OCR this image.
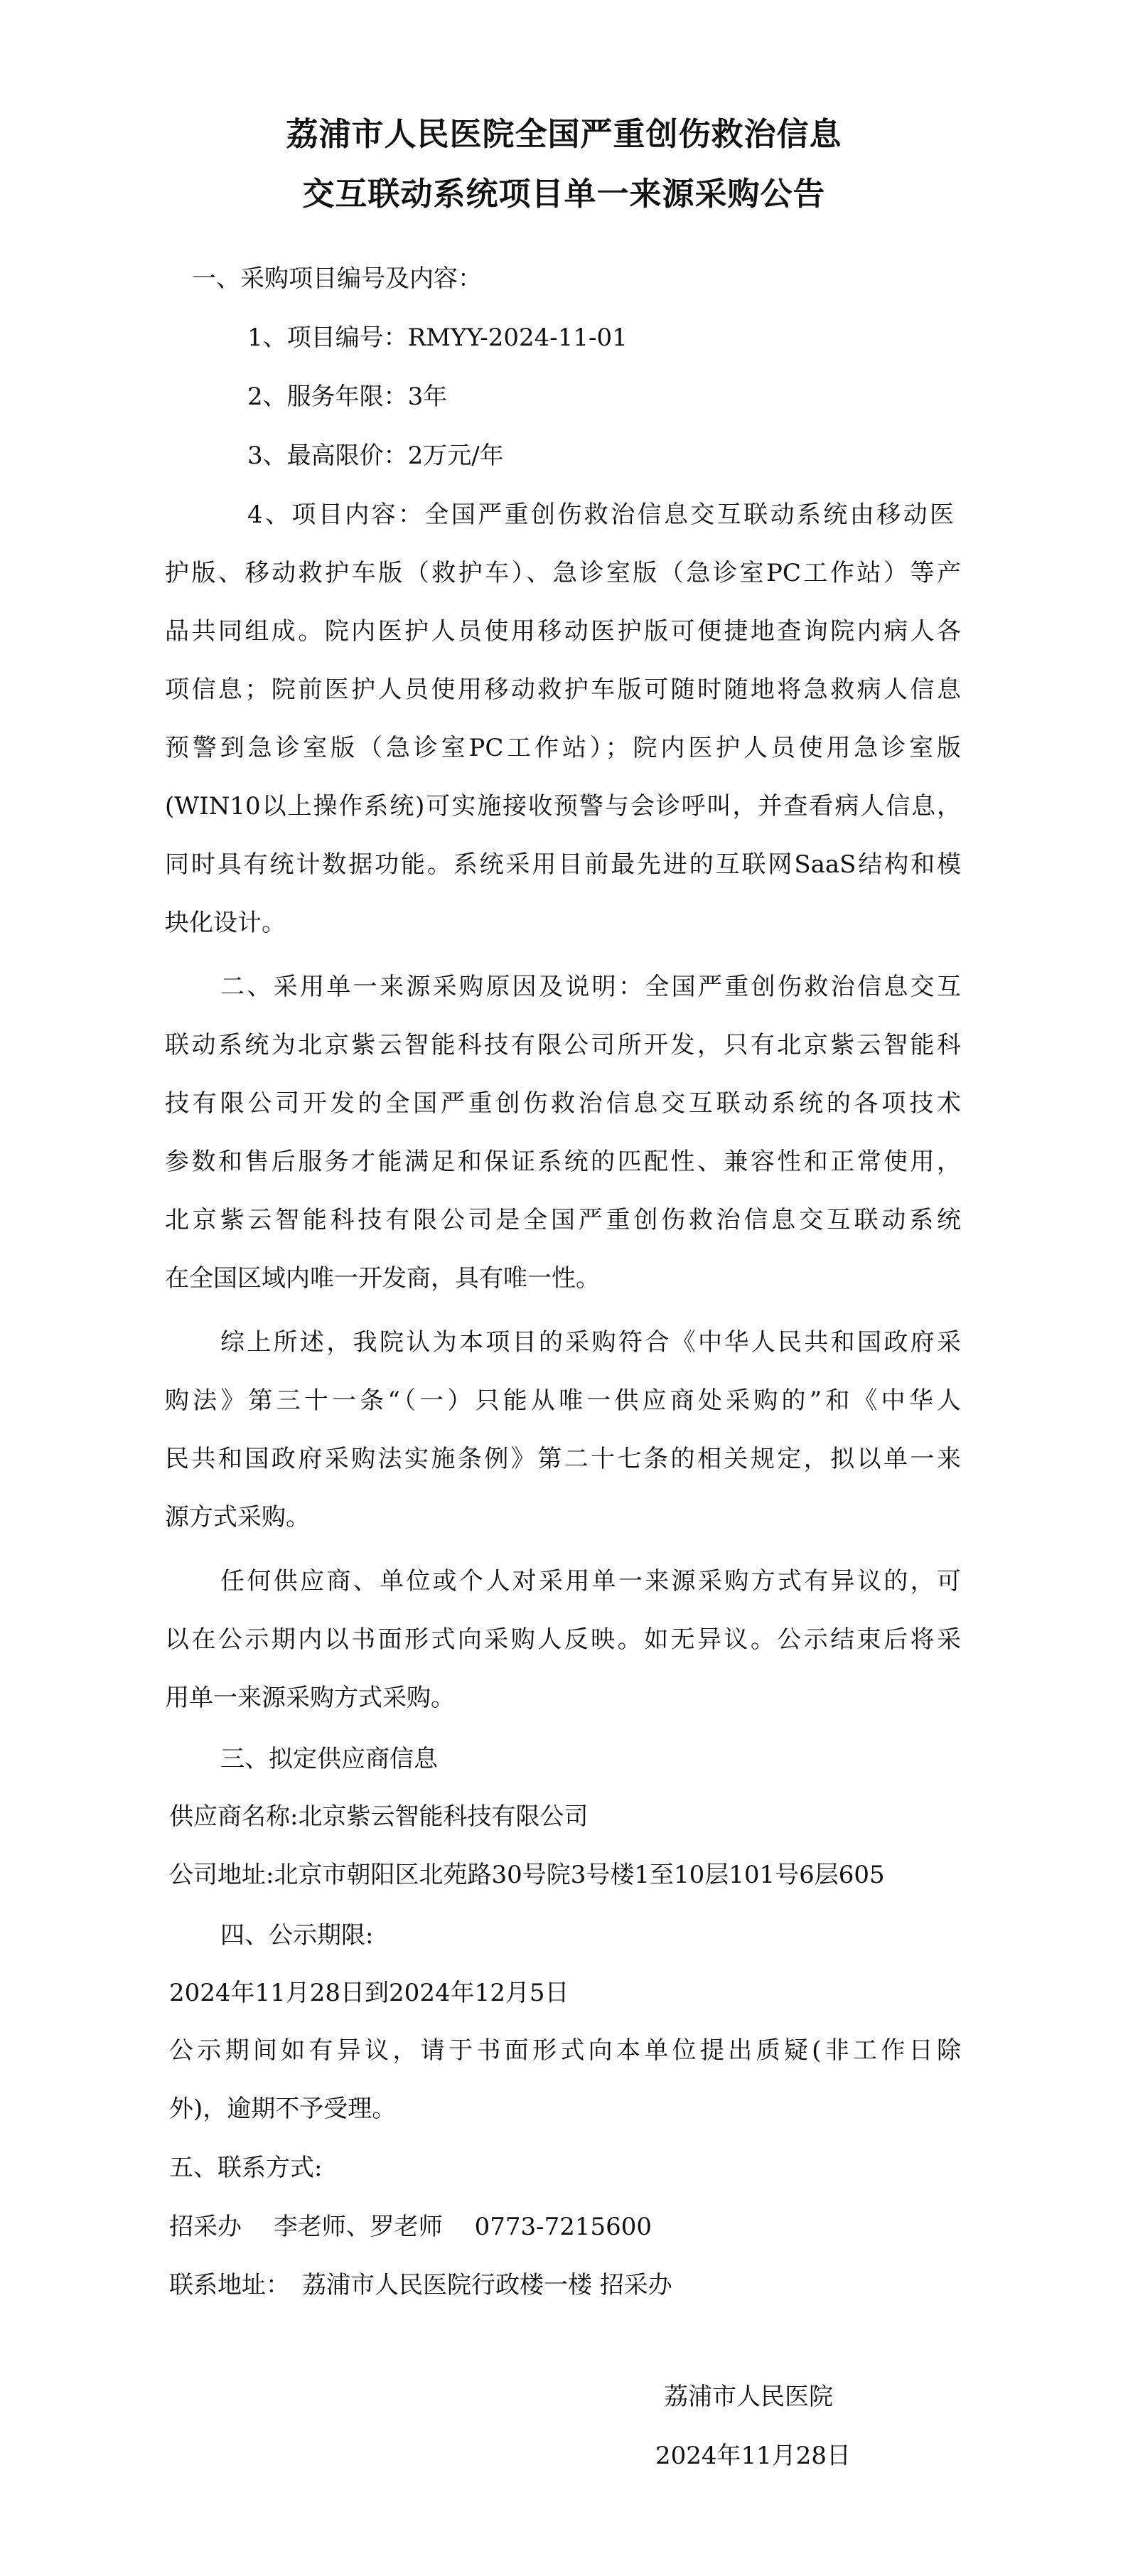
荔浦市人民医院全国严重创伤救治信息
交互联动系统项目单一来源采购公告
一、采购项目编号及内容：
1、项目编号：RMYY-2024-11-01
2、服务年限：3年
3、最高限价：2万元/年
4、项目内容：全国严重创伤救治信息交互联动系统由移动医
护版、移动救护车版（救护车）、急诊室版（急诊室PC工作站）等产
品共同组成。院内医护人员使用移动医护版可便捷地查询院内病人各
项信息；院前医护人员使用移动救护车版可随时随地将急救病人信息
预警到急诊室版（急诊室PC工作站）；院内医护人员使用急诊室版
(WIN10以上操作系统)可实施接收预警与会诊呼叫，并查看病人信息，
同时具有统计数据功能。系统采用目前最先进的互联网SaaS结构和模
块化设计。
二、采用单一来源采购原因及说明：全国严重创伤救治信息交互
联动系统为北京紫云智能科技有限公司所开发，只有北京紫云智能科
技有限公司开发的全国严重创伤救治信息交互联动系统的各项技术
参数和售后服务才能满足和保证系统的匹配性、兼容性和正常使用，
北京紫云智能科技有限公司是全国严重创伤救治信息交互联动系统
在全国区域内唯一开发商，具有唯一性。
综上所述，我院认为本项目的采购符合《中华人民共和国政府采
购法》第三十一条“（一）只能从唯一供应商处采购的”和《中华人
民共和国政府采购法实施条例》第二十七条的相关规定，拟以单一来
源方式采购。
任何供应商、单位或个人对采用单一来源采购方式有异议的，可
以在公示期内以书面形式向采购人反映。如无异议。公示结束后将采
用单一来源采购方式采购。
三、拟定供应商信息
供应商名称:北京紫云智能科技有限公司
公司地址:北京市朝阳区北苑路30号院3号楼1至10层101号6层605
四、公示期限:
2024年11月28日到2024年12月5日
公示期间如有异议，请于书面形式向本单位提出质疑(非工作日除
外)，逾期不予受理。
五、联系方式:
招采办　 李老师、罗老师　 0773-7215600
联系地址：　荔浦市人民医院行政楼一楼 招采办
荔浦市人民医院
2024年11月28日
